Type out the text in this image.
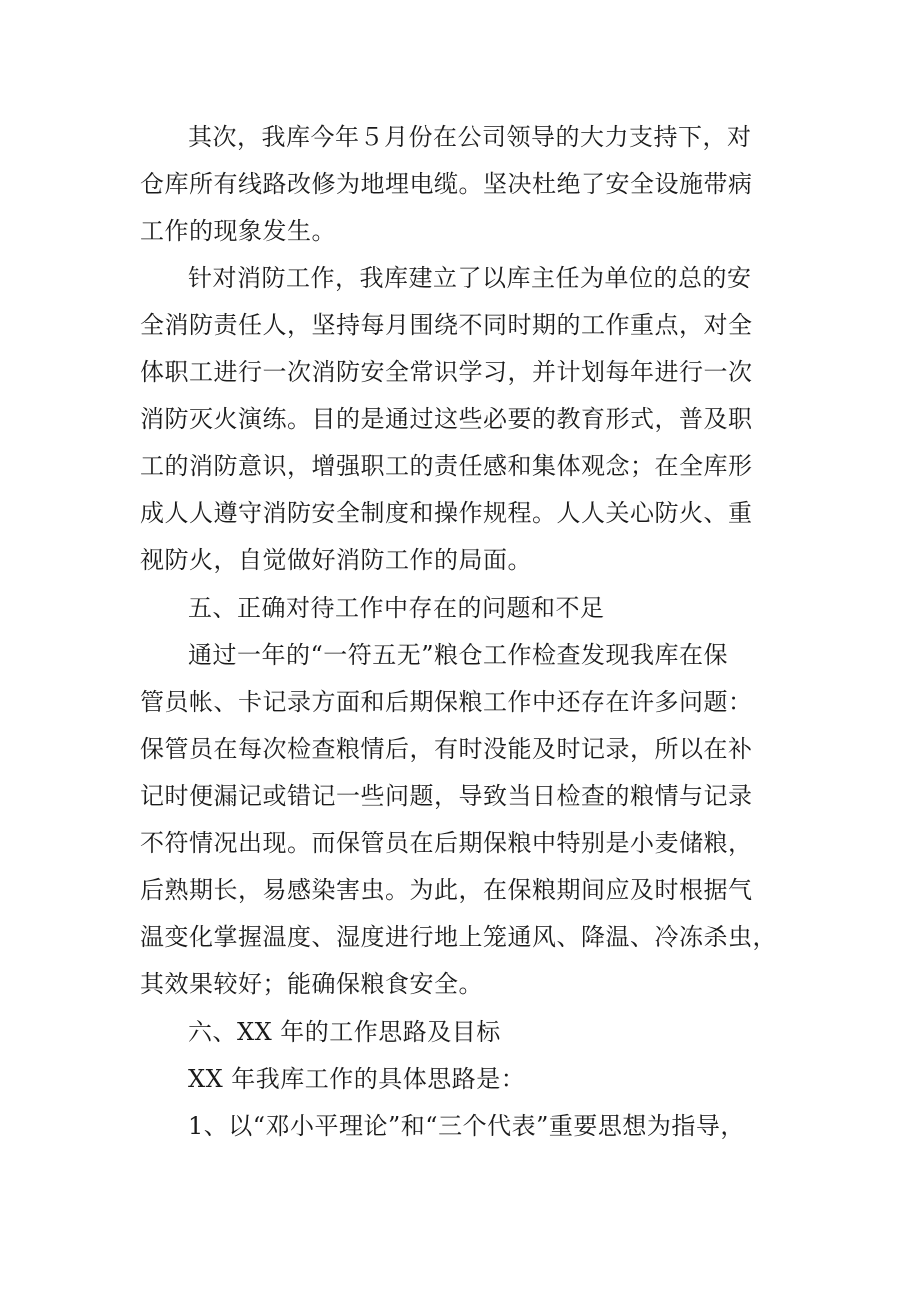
其次，我库今年５月份在公司领导的大力支持下，对
仓库所有线路改修为地埋电缆。坚决杜绝了安全设施带病
工作的现象发生。
针对消防工作，我库建立了以库主任为单位的总的安
全消防责任人，坚持每月围绕不同时期的工作重点，对全
体职工进行一次消防安全常识学习，并计划每年进行一次
消防灭火演练。目的是通过这些必要的教育形式，普及职
工的消防意识，增强职工的责任感和集体观念；在全库形
成人人遵守消防安全制度和操作规程。人人关心防火、重
视防火，自觉做好消防工作的局面。
五、正确对待工作中存在的问题和不足
通过一年的“一符五无”粮仓工作检查发现我库在保
管员帐、卡记录方面和后期保粮工作中还存在许多问题：
保管员在每次检查粮情后，有时没能及时记录，所以在补
记时便漏记或错记一些问题，导致当日检查的粮情与记录
不符情况出现。而保管员在后期保粮中特别是小麦储粮，
后熟期长，易感染害虫。为此，在保粮期间应及时根据气
温变化掌握温度、湿度进行地上笼通风、降温、冷冻杀虫，
其效果较好；能确保粮食安全。
六、XX 年的工作思路及目标
XX 年我库工作的具体思路是：
1、以“邓小平理论”和“三个代表”重要思想为指导，
